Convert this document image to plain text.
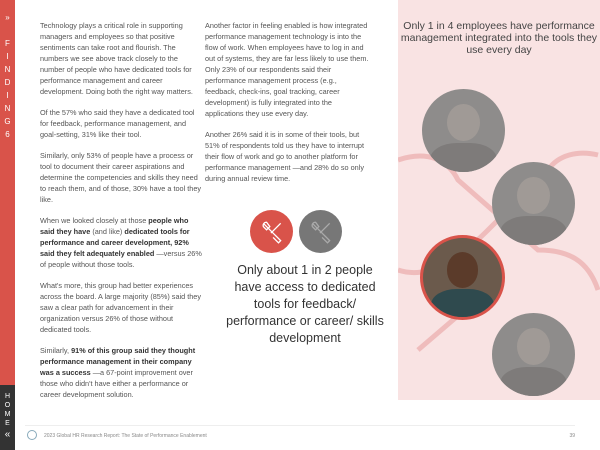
»
F
I
N
D
I
N
G
6
H
O
M
E
«

Technology plays a critical role in supporting managers and employees so that positive sentiments can take root and flourish. The numbers we see above track closely to the number of people who have dedicated tools for performance management and career development. Doing both the right way matters.

Of the 57% who said they have a dedicated tool for feedback, performance management, and goal-setting, 31% like their tool.

Similarly, only 53% of people have a process or tool to document their career aspirations and determine the competencies and skills they need to reach them, and of those, 30% have a tool they like.

When we looked closely at those people who said they have (and like) dedicated tools for performance and career development, 92% said they felt adequately enabled —versus 26% of people without those tools.

What's more, this group had better experiences across the board. A large majority (85%) said they saw a clear path for advancement in their organization versus 26% of those without dedicated tools.

Similarly, 91% of this group said they thought performance management in their company was a success —a 67-point improvement over those who didn't have either a performance or career development solution.

Another factor in feeling enabled is how integrated performance management technology is into the flow of work. When employees have to log in and out of systems, they are far less likely to use them. Only 23% of our respondents said their performance management process (e.g., feedback, check-ins, goal tracking, career development) is fully integrated into the applications they use every day.

Another 26% said it is in some of their tools, but 51% of respondents told us they have to interrupt their flow of work and go to another platform for performance management —and 28% do so only during annual review time.

Only about 1 in 2 people have access to dedicated tools for feedback/ performance or career/ skills development
Only 1 in 4 employees have performance management integrated into the tools they use every day
2023 Global HR Research Report: The State of Performance Enablement	39
